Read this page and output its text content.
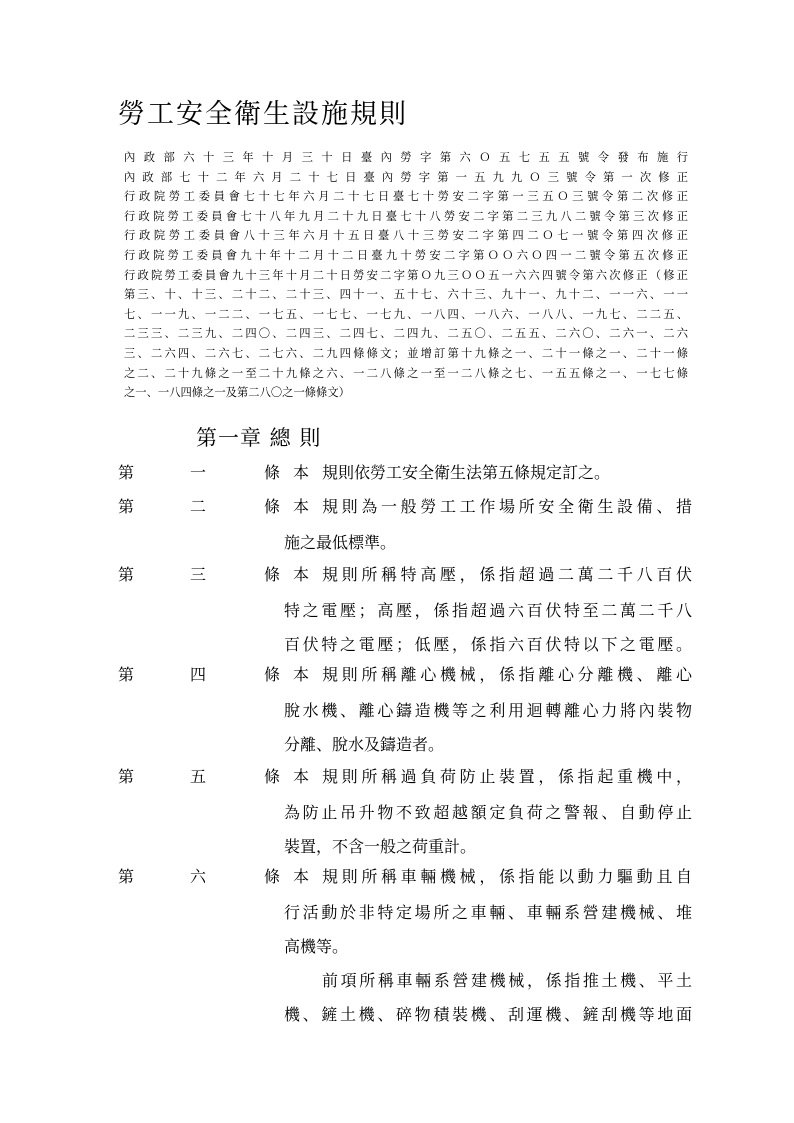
勞工安全衛生設施規則
內政部六十三年十月三十日臺內勞字第六Ｏ五七五五號令發布施行
內政部七十二年六月二十七日臺內勞字第一五九九Ｏ三號令第一次修正
行政院勞工委員會七十七年六月二十七日臺七十勞安二字第一三五Ｏ三號令第二次修正
行政院勞工委員會七十八年九月二十九日臺七十八勞安二字第二三九八二號令第三次修正
行政院勞工委員會八十三年六月十五日臺八十三勞安二字第四二Ｏ七一號令第四次修正
行政院勞工委員會九十年十二月十二日臺九十勞安二字第ＯＯ六Ｏ四一二號令第五次修正
行政院勞工委員會九十三年十月二十日勞安二字第Ｏ九三ＯＯ五一六六四號令第六次修正（修正
第三、十、十三、二十二、二十三、四十一、五十七、六十三、九十一、九十二、一一六、一一
七、一一九、一二二、一七五、一七七、一七九、一八四、一八六、一八八、一九七、二二五、
二三三、二三九、二四〇、二四三、二四七、二四九、二五〇、二五五、二六〇、二六一、二六
三、二六四、二六七、二七六、二九四條條文；並增訂第十九條之一、二十一條之一、二十一條
之二、二十九條之一至二十九條之六、一二八條之一至一二八條之七、一五五條之一、一七七條
之一、一八四條之一及第二八〇之一條條文）
第一章 總 則
第	一	條 本 規則依勞工安全衛生法第五條規定訂之。
第	二	條 本 規則為一般勞工工作場所安全衛生設備、措
施之最低標準。
第	三	條 本 規則所稱特高壓，係指超過二萬二千八百伏
特之電壓；高壓，係指超過六百伏特至二萬二千八
百伏特之電壓；低壓，係指六百伏特以下之電壓。
第	四	條 本 規則所稱離心機械，係指離心分離機、離心
脫水機、離心鑄造機等之利用迴轉離心力將內裝物
分離、脫水及鑄造者。
第	五	條 本 規則所稱過負荷防止裝置，係指起重機中，
為防止吊升物不致超越額定負荷之警報、自動停止
裝置，不含一般之荷重計。
第	六	條 本 規則所稱車輛機械，係指能以動力驅動且自
行活動於非特定場所之車輛、車輛系營建機械、堆
高機等。
前項所稱車輛系營建機械，係指推土機、平土
機、鏟土機、碎物積裝機、刮運機、鏟刮機等地面
